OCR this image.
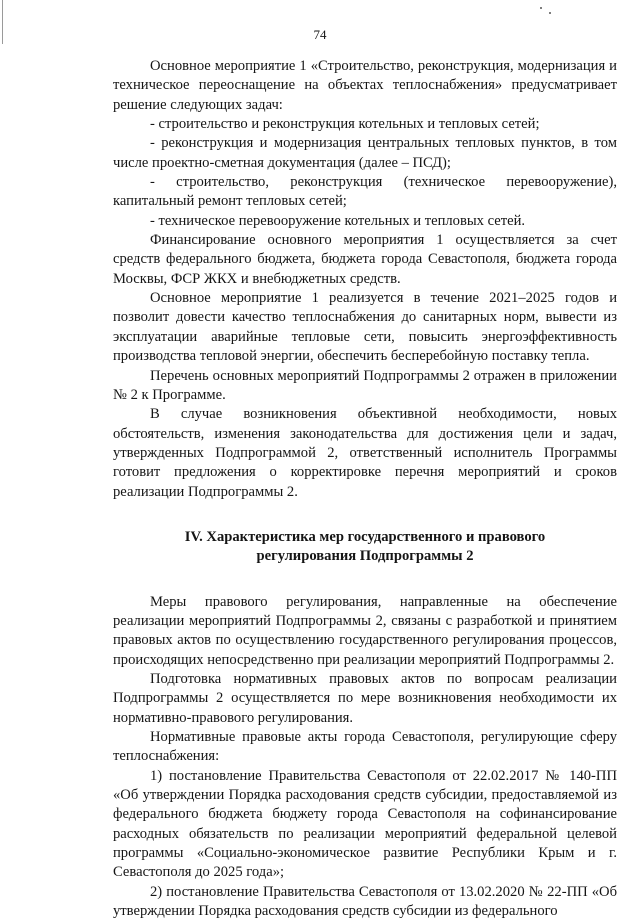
74

Основное мероприятие 1 «Строительство, реконструкция, модернизация и техническое переоснащение на объектах теплоснабжения» предусматривает решение следующих задач:

- строительство и реконструкция котельных и тепловых сетей;

- реконструкция и модернизация центральных тепловых пунктов, в том числе проектно-сметная документация (далее – ПСД);

- строительство, реконструкция (техническое перевооружение), капитальный ремонт тепловых сетей;

- техническое перевооружение котельных и тепловых сетей.

Финансирование основного мероприятия 1 осуществляется за счет средств федерального бюджета, бюджета города Севастополя, бюджета города Москвы, ФСР ЖКХ и внебюджетных средств.

Основное мероприятие 1 реализуется в течение 2021–2025 годов и позволит довести качество теплоснабжения до санитарных норм, вывести из эксплуатации аварийные тепловые сети, повысить энергоэффективность производства тепловой энергии, обеспечить бесперебойную поставку тепла.

Перечень основных мероприятий Подпрограммы 2 отражен в приложении № 2 к Программе.

В случае возникновения объективной необходимости, новых обстоятельств, изменения законодательства для достижения цели и задач, утвержденных Подпрограммой 2, ответственный исполнитель Программы готовит предложения о корректировке перечня мероприятий и сроков реализации Подпрограммы 2.

IV. Характеристика мер государственного и правового
регулирования Подпрограммы 2

Меры правового регулирования, направленные на обеспечение реализации мероприятий Подпрограммы 2, связаны с разработкой и принятием правовых актов по осуществлению государственного регулирования процессов, происходящих непосредственно при реализации мероприятий Подпрограммы 2.

Подготовка нормативных правовых актов по вопросам реализации Подпрограммы 2 осуществляется по мере возникновения необходимости их нормативно-правового регулирования.

Нормативные правовые акты города Севастополя, регулирующие сферу теплоснабжения:

1) постановление Правительства Севастополя от 22.02.2017 № 140-ПП «Об утверждении Порядка расходования средств субсидии, предоставляемой из федерального бюджета бюджету города Севастополя на софинансирование расходных обязательств по реализации мероприятий федеральной целевой программы «Социально-экономическое развитие Республики Крым и г. Севастополя до 2025 года»;

2) постановление Правительства Севастополя от 13.02.2020 № 22-ПП «Об утверждении Порядка расходования средств субсидии из федерального
